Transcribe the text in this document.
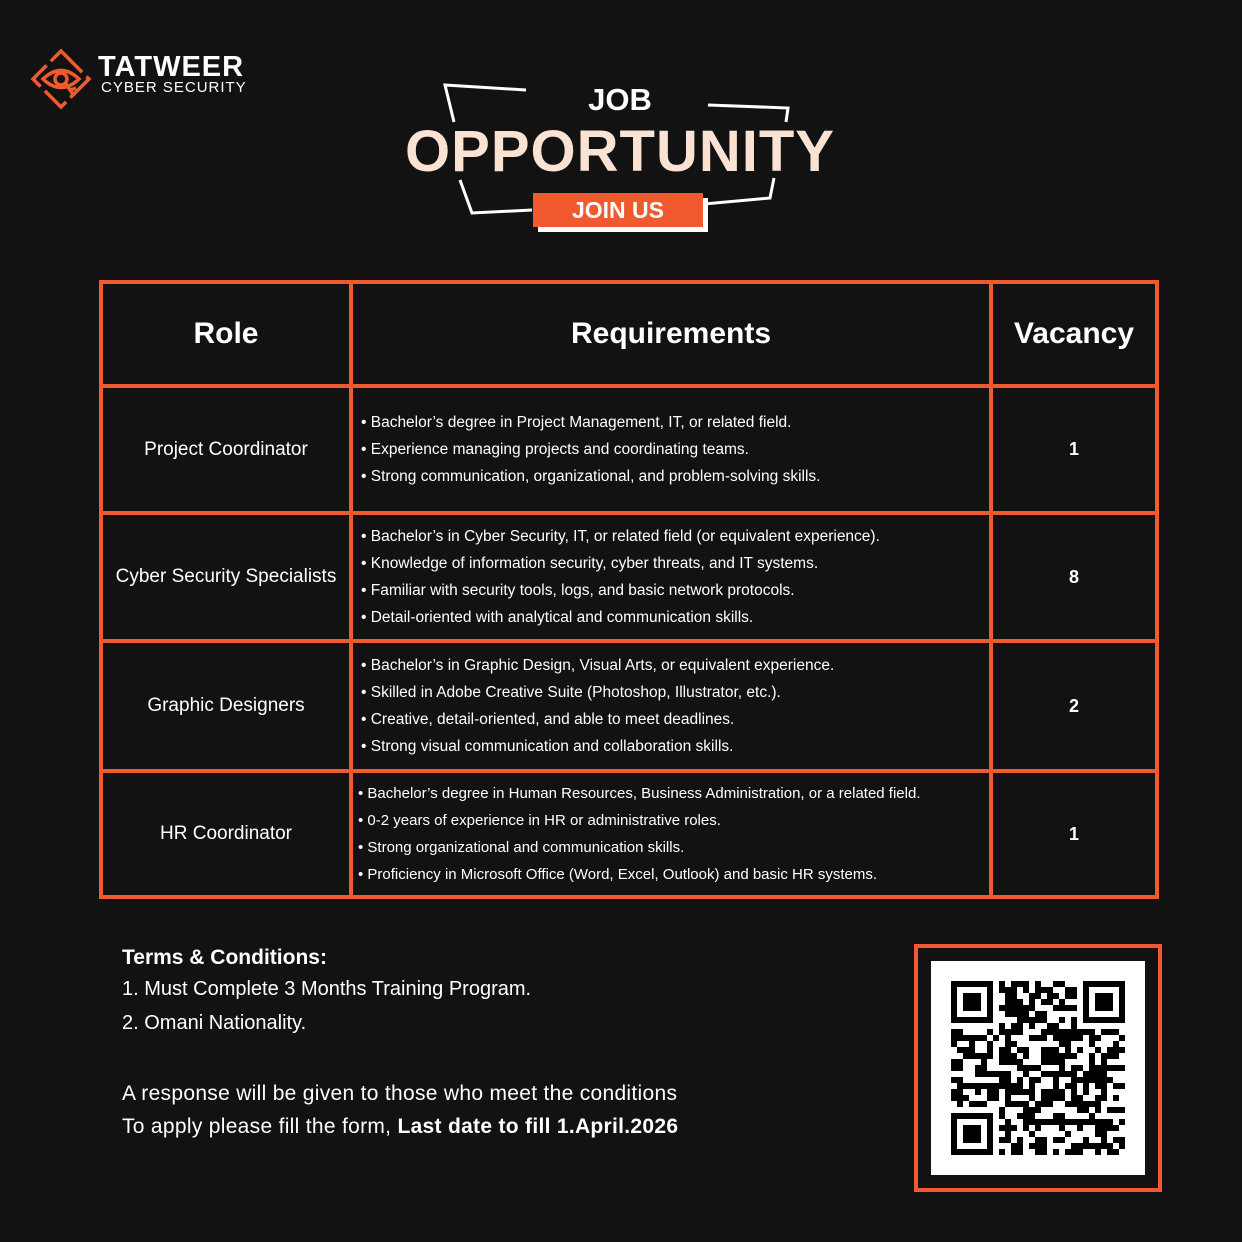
TATWEER
CYBER SECURITY	JOB
OPPORTUNITY
JOIN US
Role	Requirements	Vacancy
Project Coordinator	• Bachelor’s degree in Project Management, IT, or related field.
• Experience managing projects and coordinating teams.
• Strong communication, organizational, and problem-solving skills.	1
Cyber Security Specialists	• Bachelor’s in Cyber Security, IT, or related field (or equivalent experience).
• Knowledge of information security, cyber threats, and IT systems.
• Familiar with security tools, logs, and basic network protocols.
• Detail-oriented with analytical and communication skills.	8
Graphic Designers	• Bachelor’s in Graphic Design, Visual Arts, or equivalent experience.
• Skilled in Adobe Creative Suite (Photoshop, Illustrator, etc.).
• Creative, detail-oriented, and able to meet deadlines.
• Strong visual communication and collaboration skills.	2
HR Coordinator	• Bachelor’s degree in Human Resources, Business Administration, or a related field.
• 0-2 years of experience in HR or administrative roles.
• Strong organizational and communication skills.
• Proficiency in Microsoft Office (Word, Excel, Outlook) and basic HR systems.	1
Terms & Conditions:
1. Must Complete 3 Months Training Program.
2. Omani Nationality.
A response will be given to those who meet the conditions
To apply please fill the form, Last date to fill 1.April.2026
